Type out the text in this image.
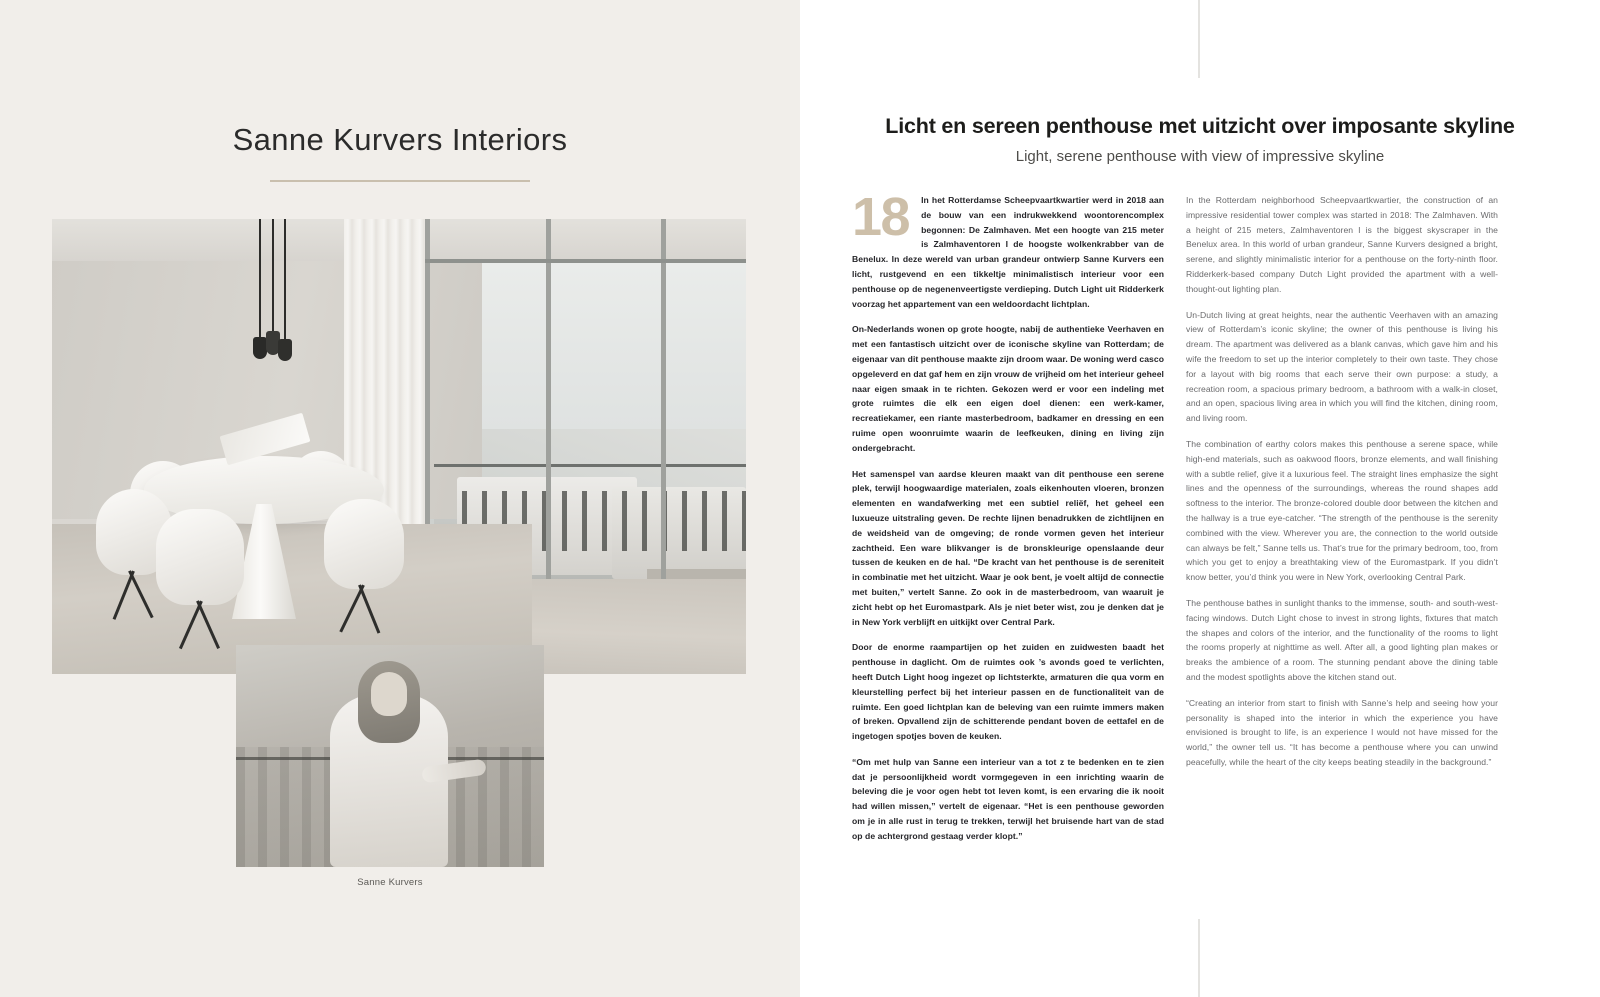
Sanne Kurvers Interiors
Sanne Kurvers
Licht en sereen penthouse met uitzicht over imposante skyline
Light, serene penthouse with view of impressive skyline

18 In het Rotterdamse Scheepvaartkwartier werd in 2018 aan de bouw van een indrukwekkend woontorencomplex begonnen: De Zalmhaven. Met een hoogte van 215 meter is Zalmhaventoren I de hoogste wolkenkrabber van de Benelux. In deze wereld van urban grandeur ontwierp Sanne Kurvers een licht, rustgevend en een tikkeltje minimalistisch interieur voor een penthouse op de negenenveertigste verdieping. Dutch Light uit Ridderkerk voorzag het appartement van een weldoordacht lichtplan.

On-Nederlands wonen op grote hoogte, nabij de authentieke Veerhaven en met een fantastisch uitzicht over de iconische skyline van Rotterdam; de eigenaar van dit penthouse maakte zijn droom waar. De woning werd casco opgeleverd en dat gaf hem en zijn vrouw de vrijheid om het interieur geheel naar eigen smaak in te richten. Gekozen werd er voor een indeling met grote ruimtes die elk een eigen doel dienen: een werk-kamer, recreatiekamer, een riante masterbedroom, badkamer en dressing en een ruime open woonruimte waarin de leefkeuken, dining en living zijn ondergebracht.

Het samenspel van aardse kleuren maakt van dit penthouse een serene plek, terwijl hoogwaardige materialen, zoals eikenhouten vloeren, bronzen elementen en wandafwerking met een subtiel reliëf, het geheel een luxueuze uitstraling geven. De rechte lijnen benadrukken de zichtlijnen en de weidsheid van de omgeving; de ronde vormen geven het interieur zachtheid. Een ware blikvanger is de bronskleurige openslaande deur tussen de keuken en de hal. “De kracht van het penthouse is de sereniteit in combinatie met het uitzicht. Waar je ook bent, je voelt altijd de connectie met buiten,” vertelt Sanne. Zo ook in de masterbedroom, van waaruit je zicht hebt op het Euromastpark. Als je niet beter wist, zou je denken dat je in New York verblijft en uitkijkt over Central Park.

Door de enorme raampartijen op het zuiden en zuidwesten baadt het penthouse in daglicht. Om de ruimtes ook ’s avonds goed te verlichten, heeft Dutch Light hoog ingezet op lichtsterkte, armaturen die qua vorm en kleurstelling perfect bij het interieur passen en de functionaliteit van de ruimte. Een goed lichtplan kan de beleving van een ruimte immers maken of breken. Opvallend zijn de schitterende pendant boven de eettafel en de ingetogen spotjes boven de keuken.

“Om met hulp van Sanne een interieur van a tot z te bedenken en te zien dat je persoonlijkheid wordt vormgegeven in een inrichting waarin de beleving die je voor ogen hebt tot leven komt, is een ervaring die ik nooit had willen missen,” vertelt de eigenaar. “Het is een penthouse geworden om je in alle rust in terug te trekken, terwijl het bruisende hart van de stad op de achtergrond gestaag verder klopt.”

In the Rotterdam neighborhood Scheepvaartkwartier, the construction of an impressive residential tower complex was started in 2018: The Zalmhaven. With a height of 215 meters, Zalmhaventoren I is the biggest skyscraper in the Benelux area. In this world of urban grandeur, Sanne Kurvers designed a bright, serene, and slightly minimalistic interior for a penthouse on the forty-ninth floor. Ridderkerk-based company Dutch Light provided the apartment with a well-thought-out lighting plan.

Un-Dutch living at great heights, near the authentic Veerhaven with an amazing view of Rotterdam’s iconic skyline; the owner of this penthouse is living his dream. The apartment was delivered as a blank canvas, which gave him and his wife the freedom to set up the interior completely to their own taste. They chose for a layout with big rooms that each serve their own purpose: a study, a recreation room, a spacious primary bedroom, a bathroom with a walk-in closet, and an open, spacious living area in which you will find the kitchen, dining room, and living room.

The combination of earthy colors makes this penthouse a serene space, while high-end materials, such as oakwood floors, bronze elements, and wall finishing with a subtle relief, give it a luxurious feel. The straight lines emphasize the sight lines and the openness of the surroundings, whereas the round shapes add softness to the interior. The bronze-colored double door between the kitchen and the hallway is a true eye-catcher. “The strength of the penthouse is the serenity combined with the view. Wherever you are, the connection to the world outside can always be felt,” Sanne tells us. That’s true for the primary bedroom, too, from which you get to enjoy a breathtaking view of the Euromastpark. If you didn’t know better, you’d think you were in New York, overlooking Central Park.

The penthouse bathes in sunlight thanks to the immense, south- and south-west-facing windows. Dutch Light chose to invest in strong lights, fixtures that match the shapes and colors of the interior, and the functionality of the rooms to light the rooms properly at nighttime as well. After all, a good lighting plan makes or breaks the ambience of a room. The stunning pendant above the dining table and the modest spotlights above the kitchen stand out.

“Creating an interior from start to finish with Sanne’s help and seeing how your personality is shaped into the interior in which the experience you have envisioned is brought to life, is an experience I would not have missed for the world,” the owner tell us. “It has become a penthouse where you can unwind peacefully, while the heart of the city keeps beating steadily in the background.”
